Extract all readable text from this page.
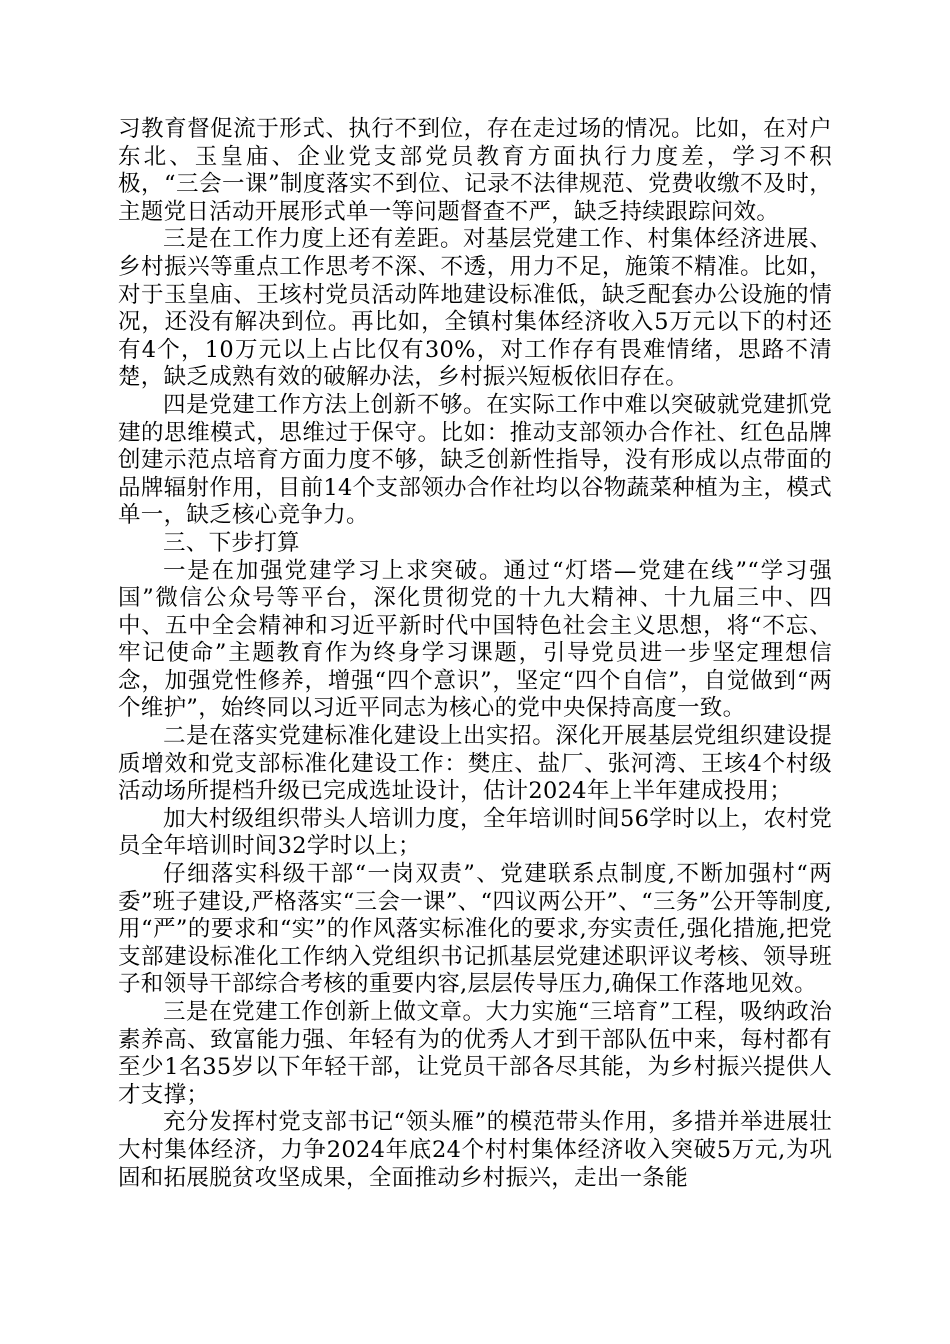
习教育督促流于形式、执行不到位，存在走过场的情况。比如，在对户东北、玉皇庙、企业党支部党员教育方面执行力度差，学习不积极，“三会一课”制度落实不到位、记录不法律规范、党费收缴不及时，主题党日活动开展形式单一等问题督查不严，缺乏持续跟踪问效。

三是在工作力度上还有差距。对基层党建工作、村集体经济进展、乡村振兴等重点工作思考不深、不透，用力不足，施策不精准。比如，对于玉皇庙、王垓村党员活动阵地建设标准低，缺乏配套办公设施的情况，还没有解决到位。再比如，全镇村集体经济收入5万元以下的村还有4个，10万元以上占比仅有30%，对工作存有畏难情绪，思路不清楚，缺乏成熟有效的破解办法，乡村振兴短板依旧存在。

四是党建工作方法上创新不够。在实际工作中难以突破就党建抓党建的思维模式，思维过于保守。比如：推动支部领办合作社、红色品牌创建示范点培育方面力度不够，缺乏创新性指导，没有形成以点带面的品牌辐射作用，目前14个支部领办合作社均以谷物蔬菜种植为主，模式单一，缺乏核心竞争力。

三、下步打算

一是在加强党建学习上求突破。通过“灯塔—党建在线”“学习强国”微信公众号等平台，深化贯彻党的十九大精神、十九届三中、四中、五中全会精神和习近平新时代中国特色社会主义思想，将“不忘、牢记使命”主题教育作为终身学习课题，引导党员进一步坚定理想信念，加强党性修养，增强“四个意识”，坚定“四个自信”，自觉做到“两个维护”，始终同以习近平同志为核心的党中央保持高度一致。

二是在落实党建标准化建设上出实招。深化开展基层党组织建设提质增效和党支部标准化建设工作：樊庄、盐厂、张河湾、王垓4个村级活动场所提档升级已完成选址设计，估计2024年上半年建成投用；

加大村级组织带头人培训力度，全年培训时间56学时以上，农村党员全年培训时间32学时以上；

仔细落实科级干部“一岗双责”、党建联系点制度,不断加强村“两委”班子建设,严格落实“三会一课”、“四议两公开”、“三务”公开等制度,用“严”的要求和“实”的作风落实标准化的要求,夯实责任,强化措施,把党支部建设标准化工作纳入党组织书记抓基层党建述职评议考核、领导班子和领导干部综合考核的重要内容,层层传导压力,确保工作落地见效。

三是在党建工作创新上做文章。大力实施“三培育”工程，吸纳政治素养高、致富能力强、年轻有为的优秀人才到干部队伍中来，每村都有至少1名35岁以下年轻干部，让党员干部各尽其能，为乡村振兴提供人才支撑；

充分发挥村党支部书记“领头雁”的模范带头作用，多措并举进展壮大村集体经济，力争2024年底24个村村集体经济收入突破5万元,为巩固和拓展脱贫攻坚成果，全面推动乡村振兴，走出一条能
